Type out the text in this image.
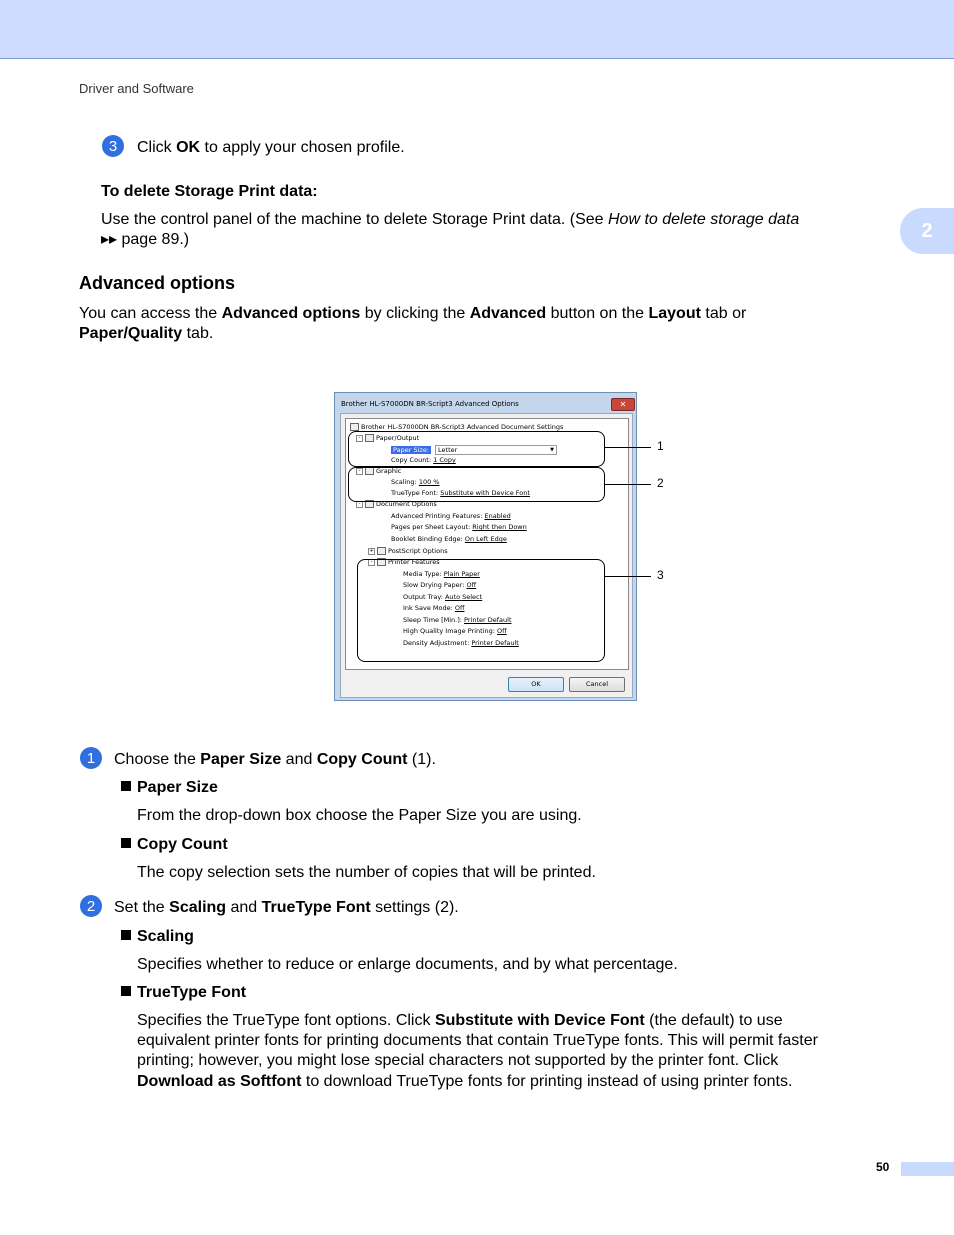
Driver and Software
2
3	Click OK to apply your chosen profile.
To delete Storage Print data:
Use the control panel of the machine to delete Storage Print data. (See How to delete storage data
▸▸ page 89.)
Advanced options
You can access the Advanced options by clicking the Advanced button on the Layout tab or
Paper/Quality tab.
Brother HL-S7000DN BR-Script3 Advanced Options	✕
Brother HL-S7000DN BR-Script3 Advanced Document Settings
- Paper/Output
Paper Size: Letter	▼
Copy Count: 1 Copy
- Graphic
Scaling: 100 %
TrueType Font: Substitute with Device Font
- Document Options
Advanced Printing Features: Enabled
Pages per Sheet Layout: Right then Down
Booklet Binding Edge: On Left Edge
+ PostScript Options
- Printer Features
Media Type: Plain Paper
Slow Drying Paper: Off
Output Tray: Auto Select
Ink Save Mode: Off
Sleep Time [Min.]: Printer Default
High Quality Image Printing: Off
Density Adjustment: Printer Default
OK	Cancel
1
2
3
1	Choose the Paper Size and Copy Count (1).
Paper Size
From the drop-down box choose the Paper Size you are using.
Copy Count
The copy selection sets the number of copies that will be printed.
2	Set the Scaling and TrueType Font settings (2).
Scaling
Specifies whether to reduce or enlarge documents, and by what percentage.
TrueType Font
Specifies the TrueType font options. Click Substitute with Device Font (the default) to use
equivalent printer fonts for printing documents that contain TrueType fonts. This will permit faster
printing; however, you might lose special characters not supported by the printer font. Click
Download as Softfont to download TrueType fonts for printing instead of using printer fonts.
50
